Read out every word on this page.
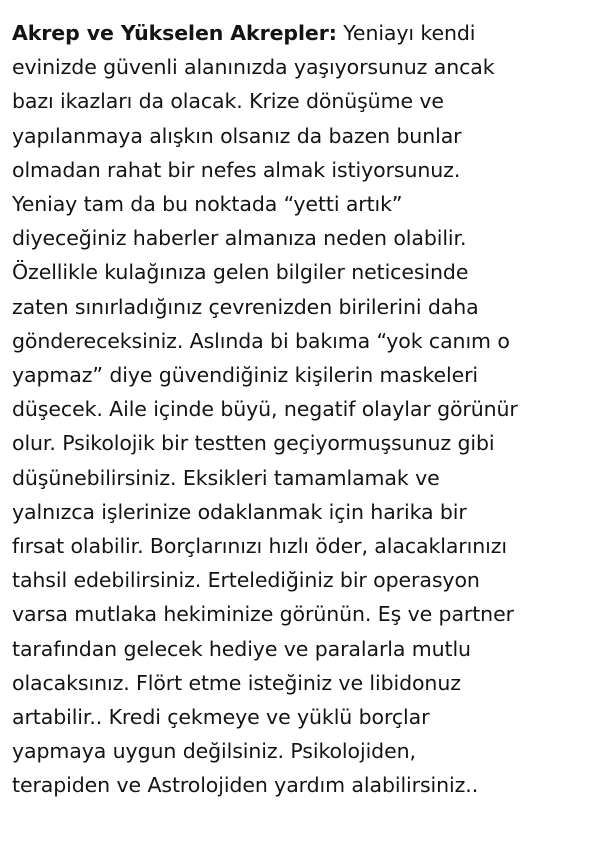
Akrep ve Yükselen Akrepler: Yeniayı kendi
evinizde güvenli alanınızda yaşıyorsunuz ancak
bazı ikazları da olacak. Krize dönüşüme ve
yapılanmaya alışkın olsanız da bazen bunlar
olmadan rahat bir nefes almak istiyorsunuz.
Yeniay tam da bu noktada “yetti artık”
diyeceğiniz haberler almanıza neden olabilir.
Özellikle kulağınıza gelen bilgiler neticesinde
zaten sınırladığınız çevrenizden birilerini daha
göndereceksiniz. Aslında bi bakıma “yok canım o
yapmaz” diye güvendiğiniz kişilerin maskeleri
düşecek. Aile içinde büyü, negatif olaylar görünür
olur. Psikolojik bir testten geçiyormuşsunuz gibi
düşünebilirsiniz. Eksikleri tamamlamak ve
yalnızca işlerinize odaklanmak için harika bir
fırsat olabilir. Borçlarınızı hızlı öder, alacaklarınızı
tahsil edebilirsiniz. Ertelediğiniz bir operasyon
varsa mutlaka hekiminize görünün. Eş ve partner
tarafından gelecek hediye ve paralarla mutlu
olacaksınız. Flört etme isteğiniz ve libidonuz
artabilir.. Kredi çekmeye ve yüklü borçlar
yapmaya uygun değilsiniz. Psikolojiden,
terapiden ve Astrolojiden yardım alabilirsiniz..
